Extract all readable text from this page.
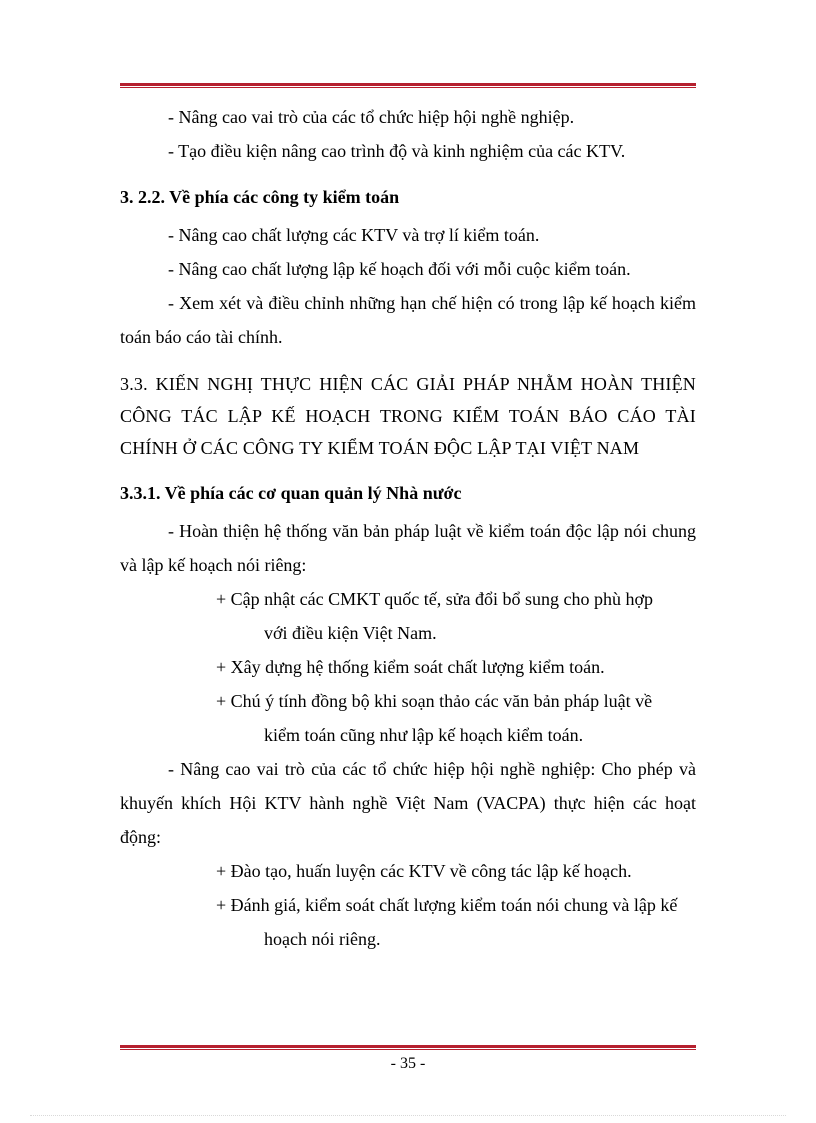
- Nâng cao vai trò của các tổ chức hiệp hội nghề nghiệp.

- Tạo điều kiện nâng cao trình độ và kinh nghiệm của các KTV.

3. 2.2. Về phía các công ty kiểm toán

- Nâng cao chất lượng các KTV và trợ lí kiểm toán.

- Nâng cao chất lượng lập kế hoạch đối với mỗi cuộc kiểm toán.

- Xem xét và điều chỉnh những hạn chế hiện có trong lập kế hoạch kiểm toán báo cáo tài chính.

3.3. KIẾN NGHỊ THỰC HIỆN CÁC GIẢI PHÁP NHẰM HOÀN THIỆN CÔNG TÁC LẬP KẾ HOẠCH TRONG KIỂM TOÁN BÁO CÁO TÀI CHÍNH Ở CÁC CÔNG TY KIỂM TOÁN ĐỘC LẬP TẠI VIỆT NAM

3.3.1. Về phía các cơ quan quản lý Nhà nước

- Hoàn thiện hệ thống văn bản pháp luật về kiểm toán độc lập nói chung và lập kế hoạch nói riêng:

+ Cập nhật các CMKT quốc tế, sửa đổi bổ sung cho phù hợp
với điều kiện Việt Nam.

+ Xây dựng hệ thống kiểm soát chất lượng kiểm toán.

+ Chú ý tính đồng bộ khi soạn thảo các văn bản pháp luật về
kiểm toán cũng như lập kế hoạch kiểm toán.

- Nâng cao vai trò của các tổ chức hiệp hội nghề nghiệp: Cho phép và khuyến khích Hội KTV hành nghề Việt Nam (VACPA) thực hiện các hoạt động:

+ Đào tạo, huấn luyện các KTV về công tác lập kế hoạch.

+ Đánh giá, kiểm soát chất lượng kiểm toán nói chung và lập kế
hoạch nói riêng.

- 35 -
